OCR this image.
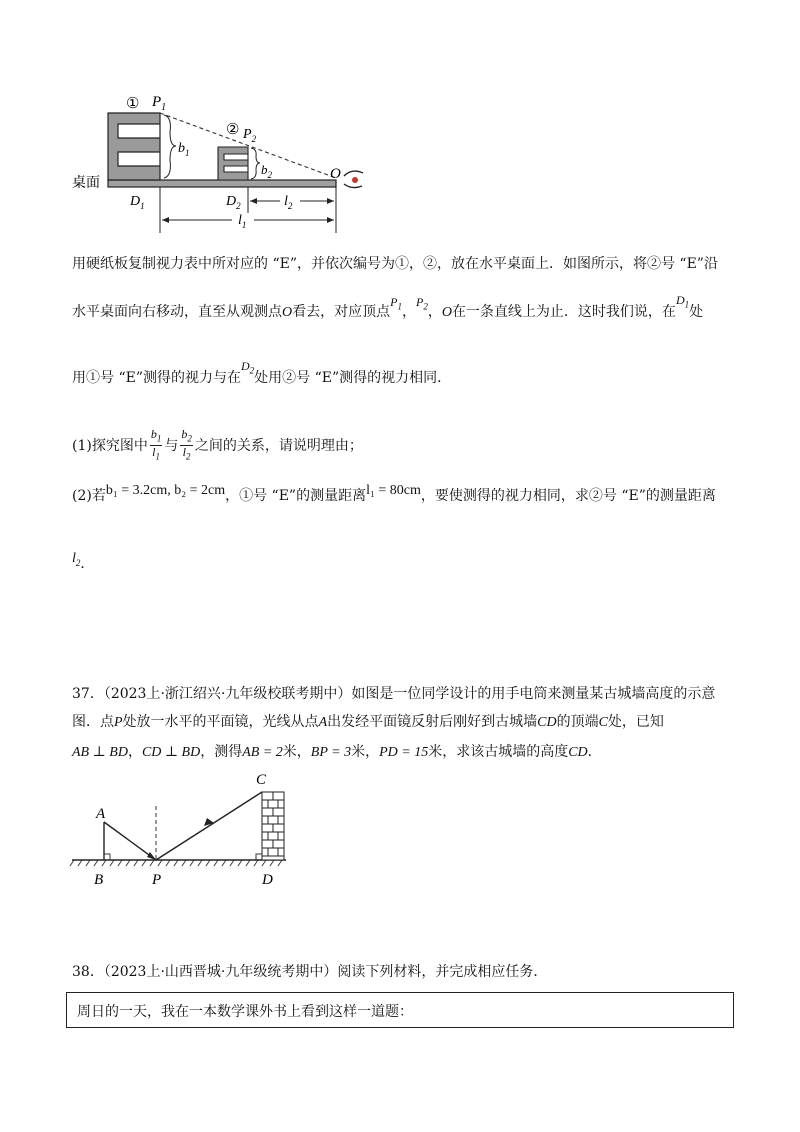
① $P_1$
② $P_2$
$b_1$
$b_2$	O
桌面
$D_1$	$D_2$	$l_2$
$l_1$
用硬纸板复制视力表中所对应的 “E”，并依次编号为①，②，放在水平桌面上．如图所示，将②号 “E”沿
水平桌面向右移动，直至从观测点O看去，对应顶点$P_1$，$P_2$，O在一条直线上为止．这时我们说，在$D_1$处
用①号 “E”测得的视力与在$D_2$处用②号 “E”测得的视力相同．
(1)探究图中 $\frac{b_1}{l_1}$ 与 $\frac{b_2}{l_2}$ 之间的关系，请说明理由；
(2)若b₁ = 3.2cm, b₂ = 2cm，①号 “E”的测量距离l₁ = 80cm，要使测得的视力相同，求②号 “E”的测量距离
$l_2$．
37．（2023上·浙江绍兴·九年级校联考期中）如图是一位同学设计的用手电筒来测量某古城墙高度的示意
图．点P处放一水平的平面镜，光线从点A出发经平面镜反射后刚好到古城墙CD的顶端C处，已知
AB ⊥ BD，CD ⊥ BD，测得AB = 2米，BP = 3米，PD = 15米，求该古城墙的高度CD．
A
B	P
C
D
38．（2023上·山西晋城·九年级统考期中）阅读下列材料，并完成相应任务．
周日的一天，我在一本数学课外书上看到这样一道题：
